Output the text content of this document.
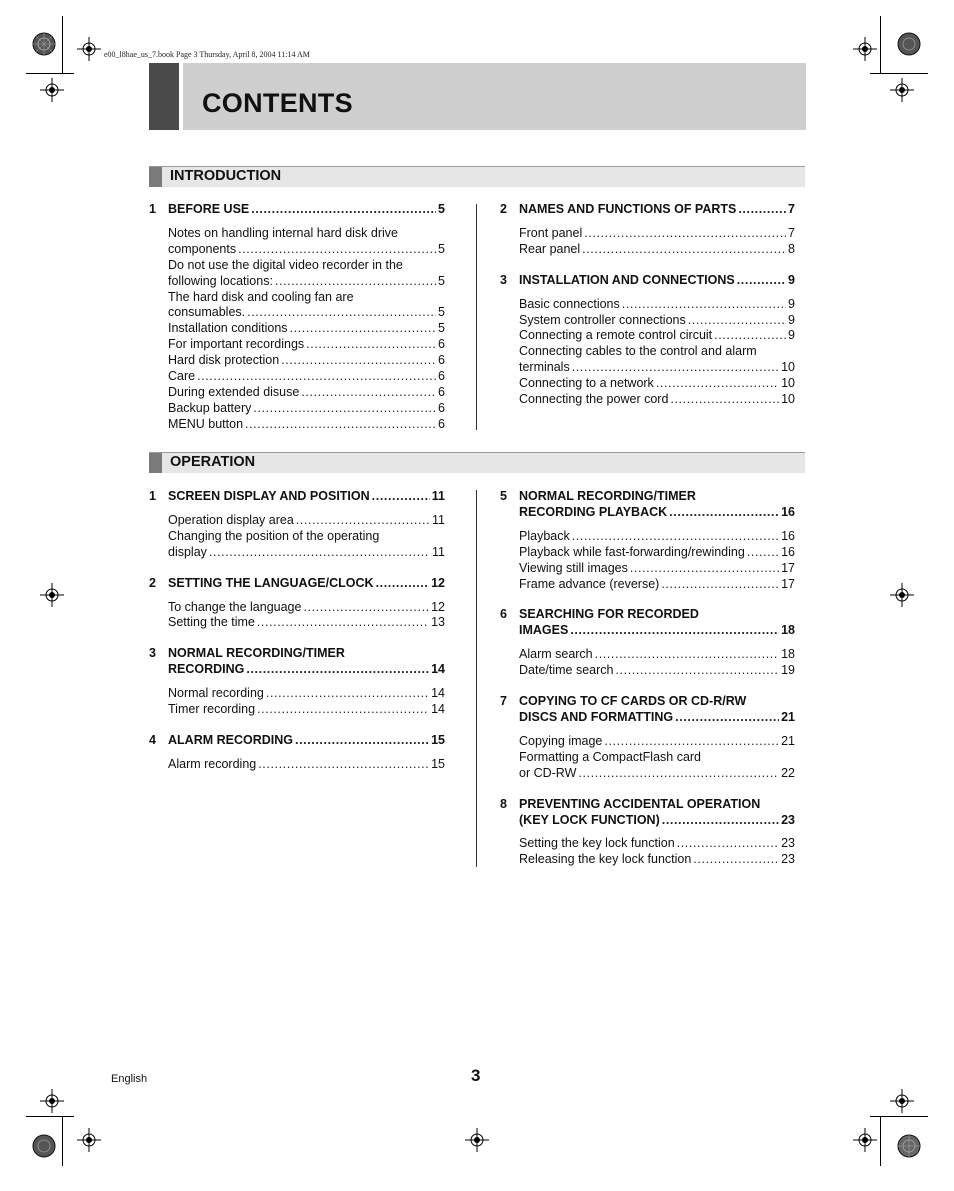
e00_l8hae_us_7.book Page 3 Thursday, April 8, 2004 11:14 AM
CONTENTS
INTRODUCTION
1 BEFORE USE .....	5
Notes on handling internal hard disk drive
components .....	5
Do not use the digital video recorder in the
following locations: .....	5
The hard disk and cooling fan are
consumables. .....	5
Installation conditions .....	5
For important recordings .....	6
Hard disk protection .....	6
Care .....	6
During extended disuse .....	6
Backup battery .....	6
MENU button .....	6
2 NAMES AND FUNCTIONS OF PARTS .....	7
Front panel .....	7
Rear panel .....	8
3 INSTALLATION AND CONNECTIONS .....	9
Basic connections .....	9
System controller connections .....	9
Connecting a remote control circuit .....	9
Connecting cables to the control and alarm
terminals .....	10
Connecting to a network .....	10
Connecting the power cord .....	10
OPERATION
1 SCREEN DISPLAY AND POSITION .....	11
Operation display area .....	11
Changing the position of the operating
display .....	11
2 SETTING THE LANGUAGE/CLOCK .....	12
To change the language .....	12
Setting the time .....	13
3 NORMAL RECORDING/TIMER
RECORDING .....	14
Normal recording .....	14
Timer recording .....	14
4 ALARM RECORDING .....	15
Alarm recording .....	15
5 NORMAL RECORDING/TIMER
RECORDING PLAYBACK .....	16
Playback .....	16
Playback while fast-forwarding/rewinding .....	16
Viewing still images .....	17
Frame advance (reverse) .....	17
6 SEARCHING FOR RECORDED
IMAGES .....	18
Alarm search .....	18
Date/time search .....	19
7 COPYING TO CF CARDS OR CD-R/RW
DISCS AND FORMATTING .....	21
Copying image .....	21
Formatting a CompactFlash card
or CD-RW .....	22
8 PREVENTING ACCIDENTAL OPERATION
(KEY LOCK FUNCTION) .....	23
Setting the key lock function .....	23
Releasing the key lock function .....	23
English	3
